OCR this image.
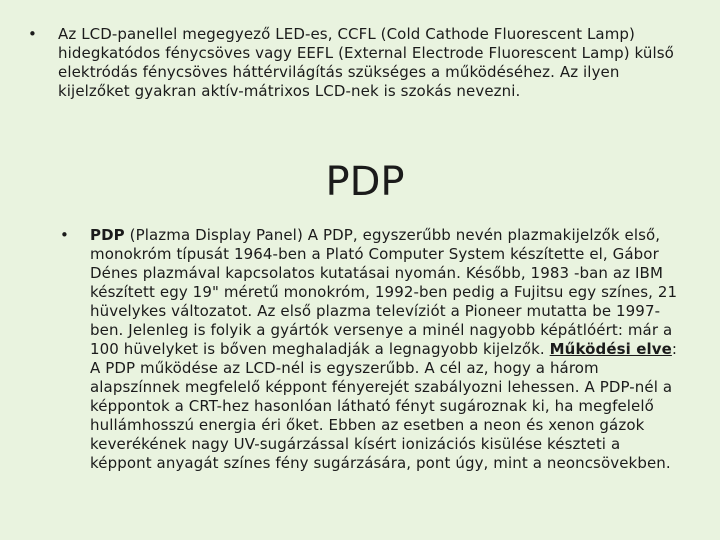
•	Az LCD-panellel megegyező LED-es, CCFL (Cold Cathode Fluorescent Lamp) hidegkatódos fénycsöves vagy EEFL (External Electrode Fluorescent Lamp) külső elektródás fénycsöves háttérvilágítás szükséges a működéséhez. Az ilyen kijelzőket gyakran aktív-mátrixos LCD-nek is szokás nevezni.
PDP
•	PDP (Plazma Display Panel) A PDP, egyszerűbb nevén plazmakijelzők első, monokróm típusát 1964-ben a Plató Computer System készítette el, Gábor Dénes plazmával kapcsolatos kutatásai nyomán. Később, 1983 -ban az IBM készített egy 19" méretű monokróm, 1992-ben pedig a Fujitsu egy színes, 21 hüvelykes változatot. Az első plazma televíziót a Pioneer mutatta be 1997-ben. Jelenleg is folyik a gyártók versenye a minél nagyobb képátlóért: már a 100 hüvelyket is bőven meghaladják a legnagyobb kijelzők. Működési elve: A PDP működése az LCD-nél is egyszerűbb. A cél az, hogy a három alapszínnek megfelelő képpont fényerejét szabályozni lehessen. A PDP-nél a képpontok a CRT-hez hasonlóan látható fényt sugároznak ki, ha megfelelő hullámhosszú energia éri őket. Ebben az esetben a neon és xenon gázok keverékének nagy UV-sugárzással kísért ionizációs kisülése készteti a képpont anyagát színes fény sugárzására, pont úgy, mint a neoncsövekben.
